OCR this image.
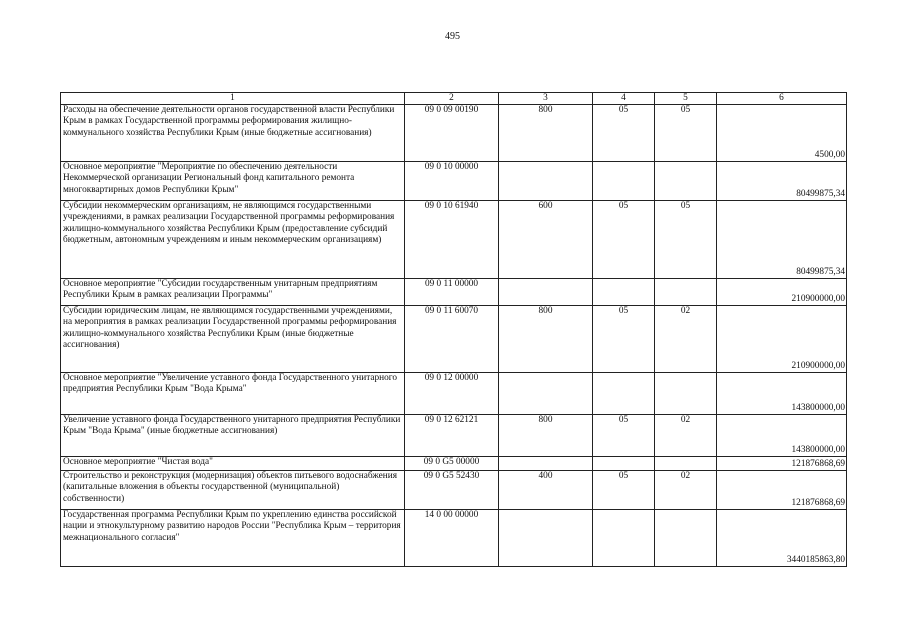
495
1	2	3	4	5	6
Расходы на обеспечение деятельности органов государственной власти Республики Крым в рамках Государственной программы реформирования жилищно-коммунального хозяйства Республики Крым (иные бюджетные ассигнования)	09 0 09 00190	800	05	05	4500,00
Основное мероприятие "Мероприятие по обеспечению деятельности Некоммерческой организации Региональный фонд капитального ремонта многоквартирных домов Республики Крым"	09 0 10 00000				80499875,34
Субсидии некоммерческим организациям, не являющимся государственными учреждениями, в рамках реализации Государственной программы реформирования жилищно-коммунального хозяйства Республики Крым (предоставление субсидий бюджетным, автономным учреждениям и иным некоммерческим организациям)	09 0 10 61940	600	05	05	80499875,34
Основное мероприятие "Субсидии государственным унитарным предприятиям Республики Крым в рамках реализации Программы"	09 0 11 00000				210900000,00
Субсидии юридическим лицам, не являющимся государственными учреждениями, на мероприятия в рамках реализации Государственной программы реформирования жилищно-коммунального хозяйства Республики Крым (иные бюджетные ассигнования)	09 0 11 60070	800	05	02	210900000,00
Основное мероприятие "Увеличение уставного фонда Государственного унитарного предприятия Республики Крым "Вода Крыма"	09 0 12 00000				143800000,00
Увеличение уставного фонда Государственного унитарного предприятия Республики Крым "Вода Крыма" (иные бюджетные ассигнования)	09 0 12 62121	800	05	02	143800000,00
Основное мероприятие "Чистая вода"	09 0 G5 00000				121876868,69
Строительство и реконструкция (модернизация) объектов питьевого водоснабжения (капитальные вложения в объекты государственной (муниципальной) собственности)	09 0 G5 52430	400	05	02	121876868,69
Государственная программа Республики Крым по укреплению единства российской нации и этнокультурному развитию народов России "Республика Крым – территория межнационального согласия"	14 0 00 00000				3440185863,80
